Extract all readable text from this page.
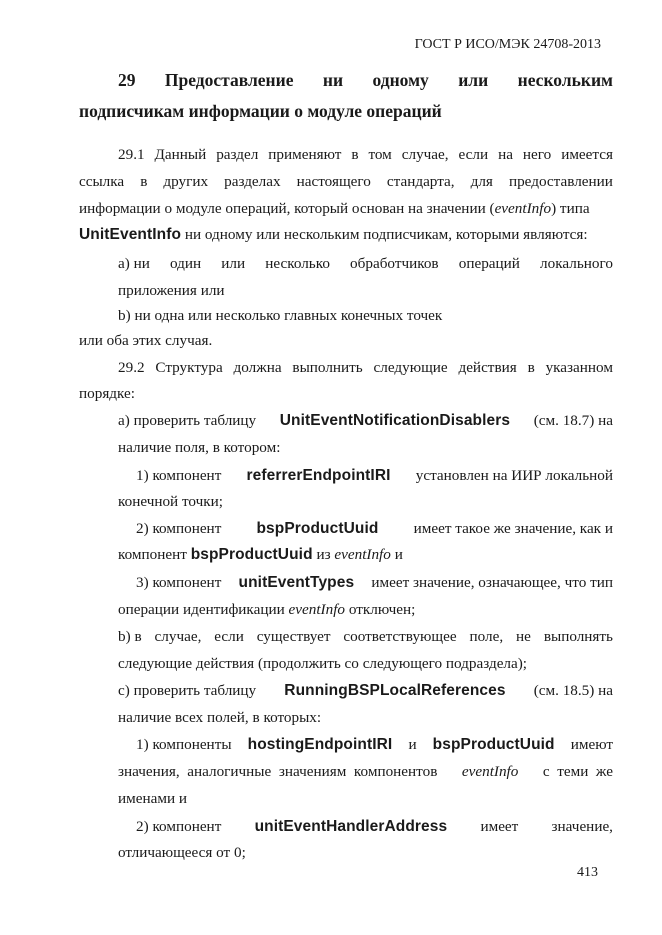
ГОСТ Р ИСО/МЭК 24708-2013
29 Предоставление ни одному или нескольким
подписчикам информации о модуле операций
29.1 Данный раздел применяют в том случае, если на него имеется
ссылка в других разделах настоящего стандарта, для предоставлении
информации о модуле операций, который основан на значении (eventInfo) типа
UnitEventInfo ни одному или нескольким подписчикам, которыми являются:
а) ни один или несколько обработчиков операций локального
приложения или
b) ни одна или несколько главных конечных точек
или оба этих случая.
29.2 Структура должна выполнить следующие действия в указанном
порядке:
а) проверить таблицу UnitEventNotificationDisablers (см. 18.7) на
наличие поля, в котором:
1) компонент referrerEndpointIRI установлен на ИИР локальной
конечной точки;
2) компонент bspProductUuid имеет такое же значение, как и
компонент bspProductUuid из eventInfo и
3) компонент unitEventTypes имеет значение, означающее, что тип
операции идентификации eventInfo отключен;
b) в случае, если существует соответствующее поле, не выполнять
следующие действия (продолжить со следующего подраздела);
с) проверить таблицу RunningBSPLocalReferences (см. 18.5) на
наличие всех полей, в которых:
1) компоненты hostingEndpointIRI и bspProductUuid имеют
значения,  аналогичные  значениям  компонентов eventInfo с  теми  же
именами и
2) компонент unitEventHandlerAddress имеет значение,
отличающееся от 0;
413
